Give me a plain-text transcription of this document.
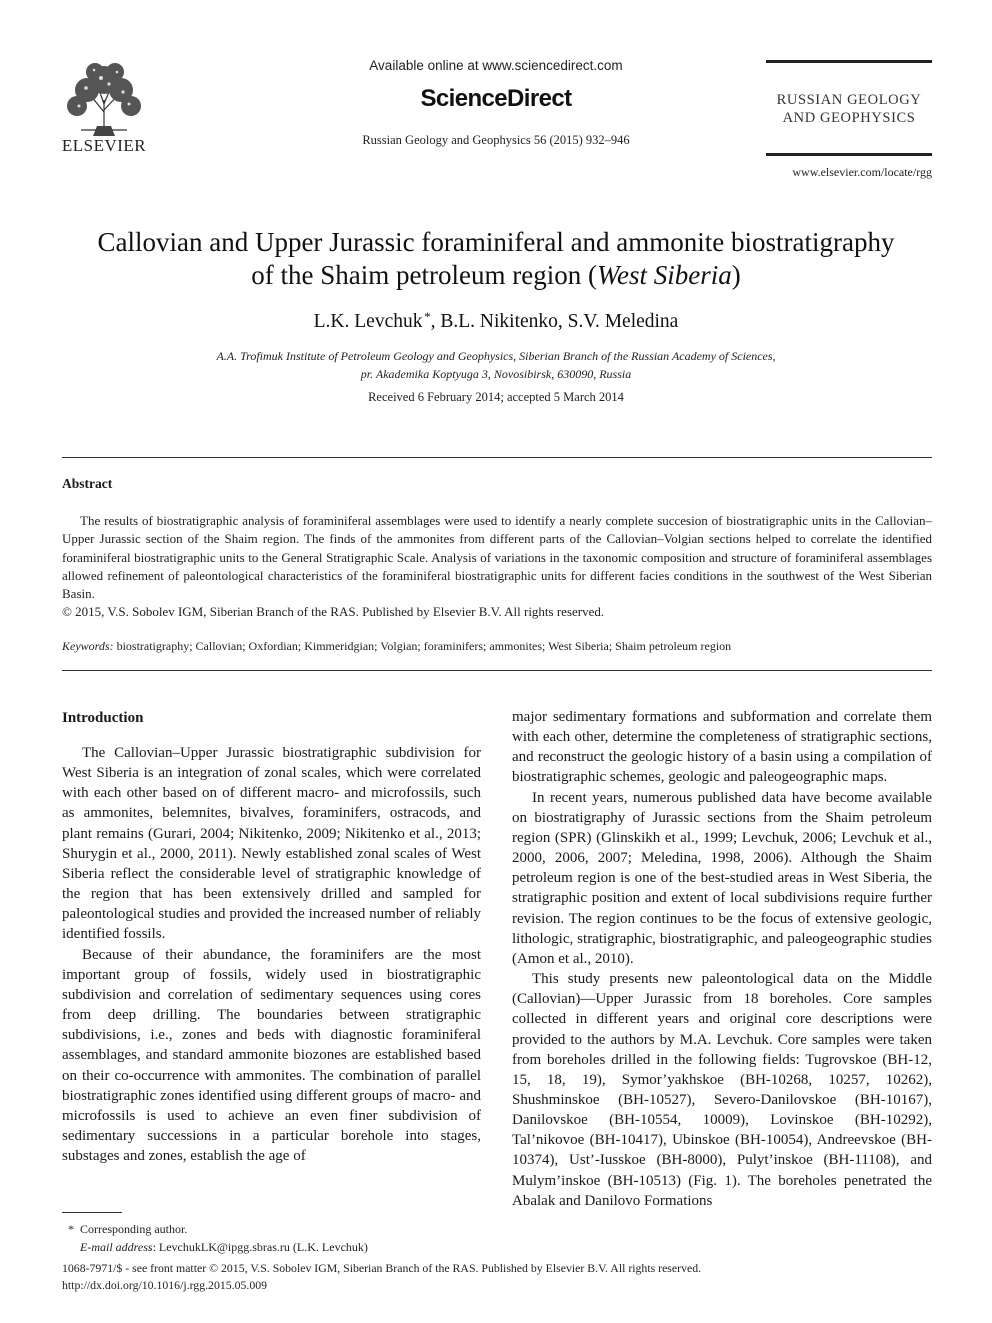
ELSEVIER
Available online at www.sciencedirect.com
ScienceDirect
Russian Geology and Geophysics 56 (2015) 932–946
RUSSIAN GEOLOGY
AND GEOPHYSICS
www.elsevier.com/locate/rgg
Callovian and Upper Jurassic foraminiferal and ammonite biostratigraphy
of the Shaim petroleum region (West Siberia)
L.K. Levchuk  *, B.L. Nikitenko, S.V. Meledina
A.A. Trofimuk Institute of Petroleum Geology and Geophysics, Siberian Branch of the Russian Academy of Sciences,
pr. Akademika Koptyuga 3, Novosibirsk, 630090, Russia
Received 6 February 2014; accepted 5 March 2014
Abstract

The results of biostratigraphic analysis of foraminiferal assemblages were used to identify a nearly complete succesion of biostratigraphic units in the Callovian–Upper Jurassic section of the Shaim region. The finds of the ammonites from different parts of the Callovian–Volgian sections helped to correlate the identified foraminiferal biostratigraphic units to the General Stratigraphic Scale. Analysis of variations in the taxonomic composition and structure of foraminiferal assemblages allowed refinement of paleontological characteristics of the foraminiferal biostratigraphic units for different facies conditions in the southwest of the West Siberian Basin.

© 2015, V.S. Sobolev IGM, Siberian Branch of the RAS. Published by Elsevier B.V. All rights reserved.

Keywords: biostratigraphy; Callovian; Oxfordian; Kimmeridgian; Volgian; foraminifers; ammonites; West Siberia; Shaim petroleum region
Introduction

The Callovian–Upper Jurassic biostratigraphic subdivision for West Siberia is an integration of zonal scales, which were correlated with each other based on of different macro- and microfossils, such as ammonites, belemnites, bivalves, foraminifers, ostracods, and plant remains (Gurari, 2004; Nikitenko, 2009; Nikitenko et al., 2013; Shurygin et al., 2000, 2011). Newly established zonal scales of West Siberia reflect the considerable level of stratigraphic knowledge of the region that has been extensively drilled and sampled for paleontological studies and provided the increased number of reliably identified fossils.

Because of their abundance, the foraminifers are the most important group of fossils, widely used in biostratigraphic subdivision and correlation of sedimentary sequences using cores from deep drilling. The boundaries between stratigraphic subdivisions, i.e., zones and beds with diagnostic foraminiferal assemblages, and standard ammonite biozones are established based on their co-occurrence with ammonites. The combination of parallel biostratigraphic zones identified using different groups of macro- and microfossils is used to achieve an even finer subdivision of sedimentary successions in a particular borehole into stages, substages and zones, establish the age of

major sedimentary formations and subformation and correlate them with each other, determine the completeness of stratigraphic sections, and reconstruct the geologic history of a basin using a compilation of biostratigraphic schemes, geologic and paleogeographic maps.

In recent years, numerous published data have become available on biostratigraphy of Jurassic sections from the Shaim petroleum region (SPR) (Glinskikh et al., 1999; Levchuk, 2006; Levchuk et al., 2000, 2006, 2007; Meledina, 1998, 2006). Although the Shaim petroleum region is one of the best-studied areas in West Siberia, the stratigraphic position and extent of local subdivisions require further revision. The region continues to be the focus of extensive geologic, lithologic, stratigraphic, biostratigraphic, and paleogeographic studies (Amon et al., 2010).

This study presents new paleontological data on the Middle (Callovian)—Upper Jurassic from 18 boreholes. Core samples collected in different years and original core descriptions were provided to the authors by M.A. Levchuk. Core samples were taken from boreholes drilled in the following fields: Tugrovskoe (BH-12, 15, 18, 19), Symor’yakhskoe (BH-10268, 10257, 10262), Shushminskoe (BH-10527), Severo-Danilovskoe (BH-10167), Danilovskoe (BH-10554, 10009), Lovinskoe (BH-10292), Tal’nikovoe (BH-10417), Ubinskoe (BH-10054), Andreevskoe (BH-10374), Ust’-Iusskoe (BH-8000), Pulyt’inskoe (BH-11108), and Mulym’inskoe (BH-10513) (Fig. 1). The boreholes penetrated the Abalak and Danilovo Formations

* Corresponding author.
E-mail address: LevchukLK@ipgg.sbras.ru (L.K. Levchuk)
1068-7971/$ - see front matter © 2015, V.S. Sobolev IGM, Siberian Branch of the RAS. Published by Elsevier B.V. All rights reserved.
http://dx.doi.org/10.1016/j.rgg.2015.05.009
